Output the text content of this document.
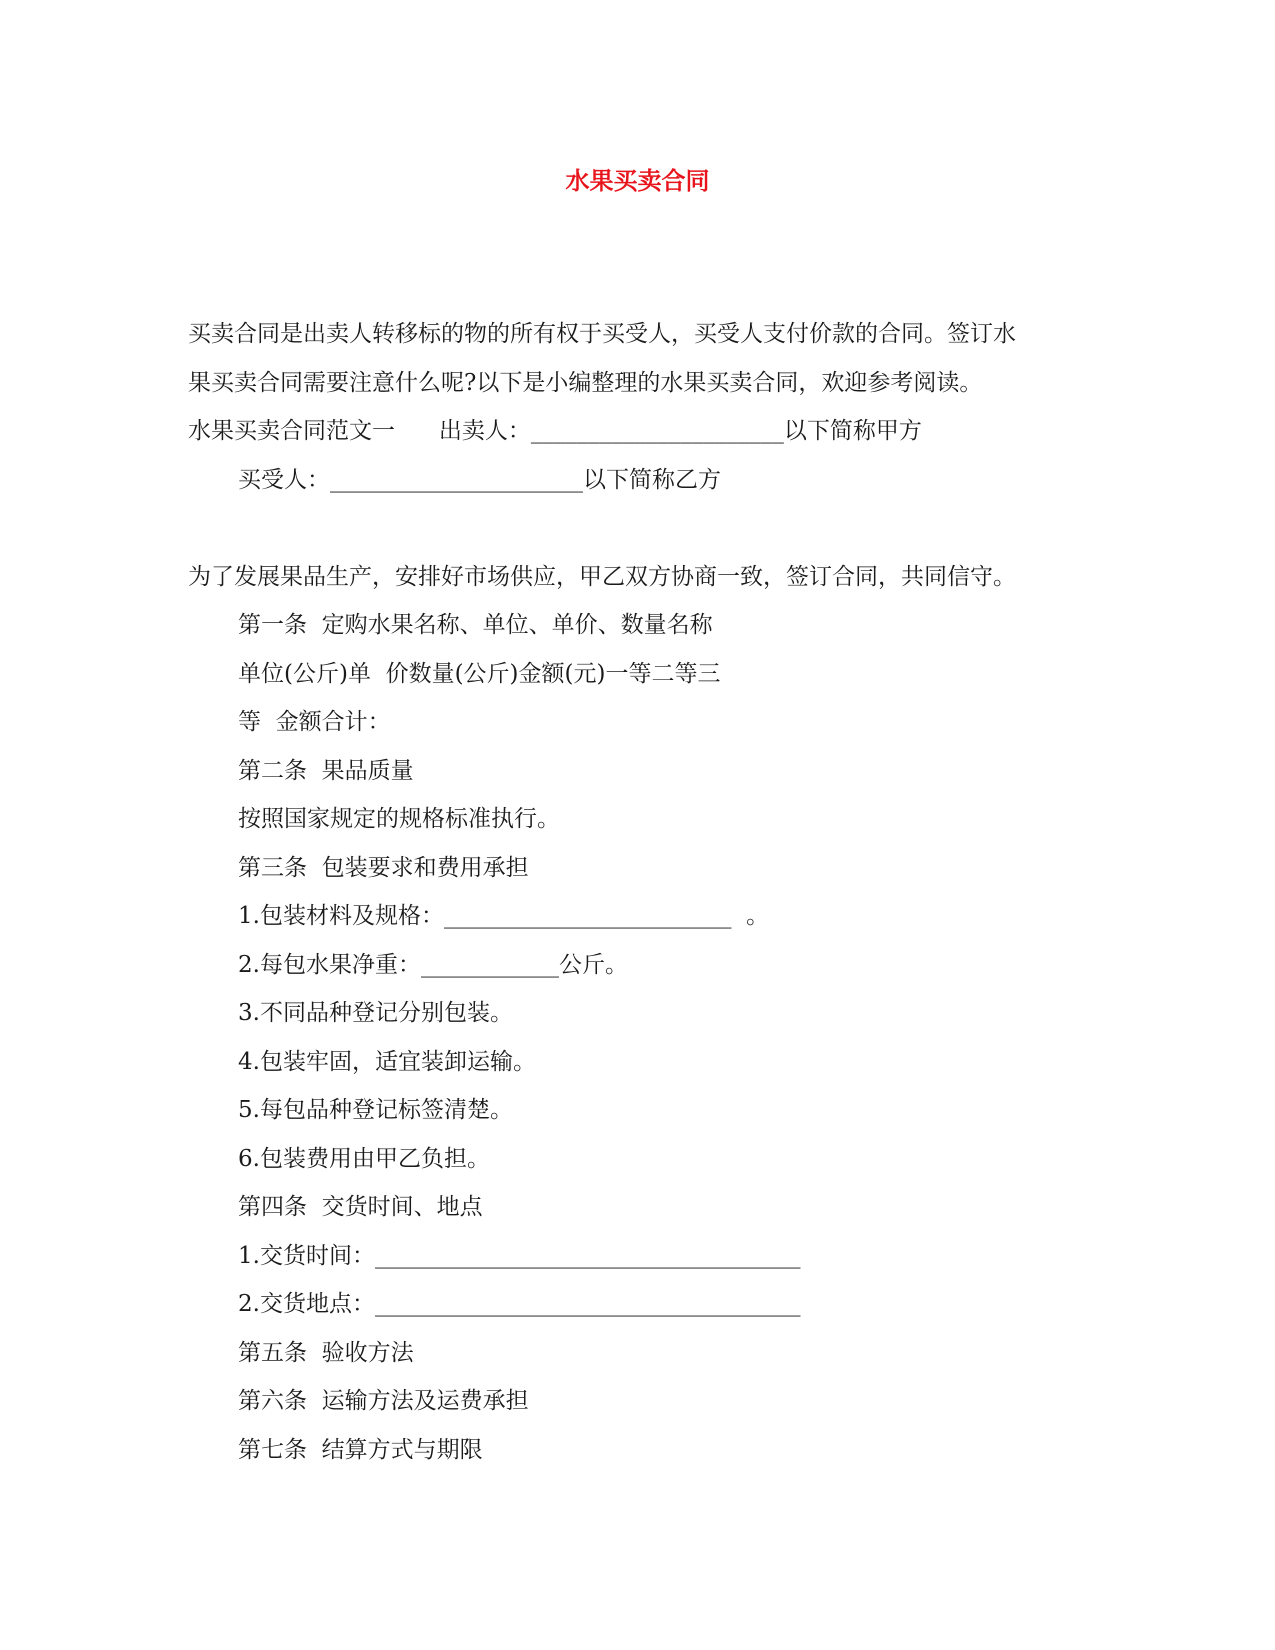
水果买卖合同
买卖合同是出卖人转移标的物的所有权于买受人，买受人支付价款的合同。签订水
果买卖合同需要注意什么呢?以下是小编整理的水果买卖合同，欢迎参考阅读。
水果买卖合同范文一      出卖人：______________________以下简称甲方
买受人：______________________以下简称乙方
为了发展果品生产，安排好市场供应，甲乙双方协商一致，签订合同，共同信守。
第一条  定购水果名称、单位、单价、数量名称
单位(公斤)单  价数量(公斤)金额(元)一等二等三
等  金额合计：
第二条  果品质量
按照国家规定的规格标准执行。
第三条  包装要求和费用承担
1.包装材料及规格：_________________________  。
2.每包水果净重：____________公斤。
3.不同品种登记分别包装。
4.包装牢固，适宜装卸运输。
5.每包品种登记标签清楚。
6.包装费用由甲乙负担。
第四条  交货时间、地点
1.交货时间：_____________________________________
2.交货地点：_____________________________________
第五条  验收方法
第六条  运输方法及运费承担
第七条  结算方式与期限
